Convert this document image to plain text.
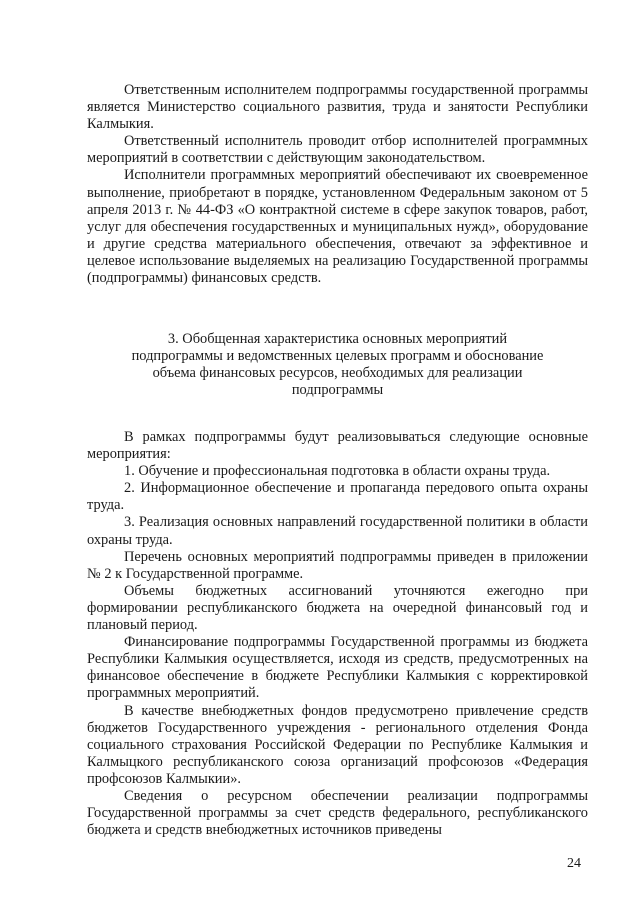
Ответственным исполнителем подпрограммы государственной программы является Министерство социального развития, труда и занятости Республики Калмыкия.

Ответственный исполнитель проводит отбор исполнителей программных мероприятий в соответствии с действующим законодательством.

Исполнители программных мероприятий обеспечивают их своевременное выполнение, приобретают в порядке, установленном Федеральным законом от 5 апреля 2013 г. № 44-ФЗ «О контрактной системе в сфере закупок товаров, работ, услуг для обеспечения государственных и муниципальных нужд», оборудование и другие средства материального обеспечения, отвечают за эффективное и целевое использование выделяемых на реализацию Государственной программы (подпрограммы) финансовых средств.

3. Обобщенная характеристика основных мероприятий
подпрограммы и ведомственных целевых программ и обоснование
объема финансовых ресурсов, необходимых для реализации
подпрограммы

В рамках подпрограммы будут реализовываться следующие основные мероприятия:

1. Обучение и профессиональная подготовка в области охраны труда.

2. Информационное обеспечение и пропаганда передового опыта охраны труда.

3. Реализация основных направлений государственной политики в области охраны труда.

Перечень основных мероприятий подпрограммы приведен в приложении № 2 к Государственной программе.

Объемы бюджетных ассигнований уточняются ежегодно при формировании республиканского бюджета на очередной финансовый год и плановый период.

Финансирование подпрограммы Государственной программы из бюджета Республики Калмыкия осуществляется, исходя из средств, предусмотренных на финансовое обеспечение в бюджете Республики Калмыкия с корректировкой программных мероприятий.

В качестве внебюджетных фондов предусмотрено привлечение средств бюджетов Государственного учреждения - регионального отделения Фонда социального страхования Российской Федерации по Республике Калмыкия и Калмыцкого республиканского союза организаций профсоюзов «Федерация профсоюзов Калмыкии».

Сведения о ресурсном обеспечении реализации подпрограммы Государственной программы за счет средств федерального, республиканского бюджета и средств внебюджетных источников приведены

24
